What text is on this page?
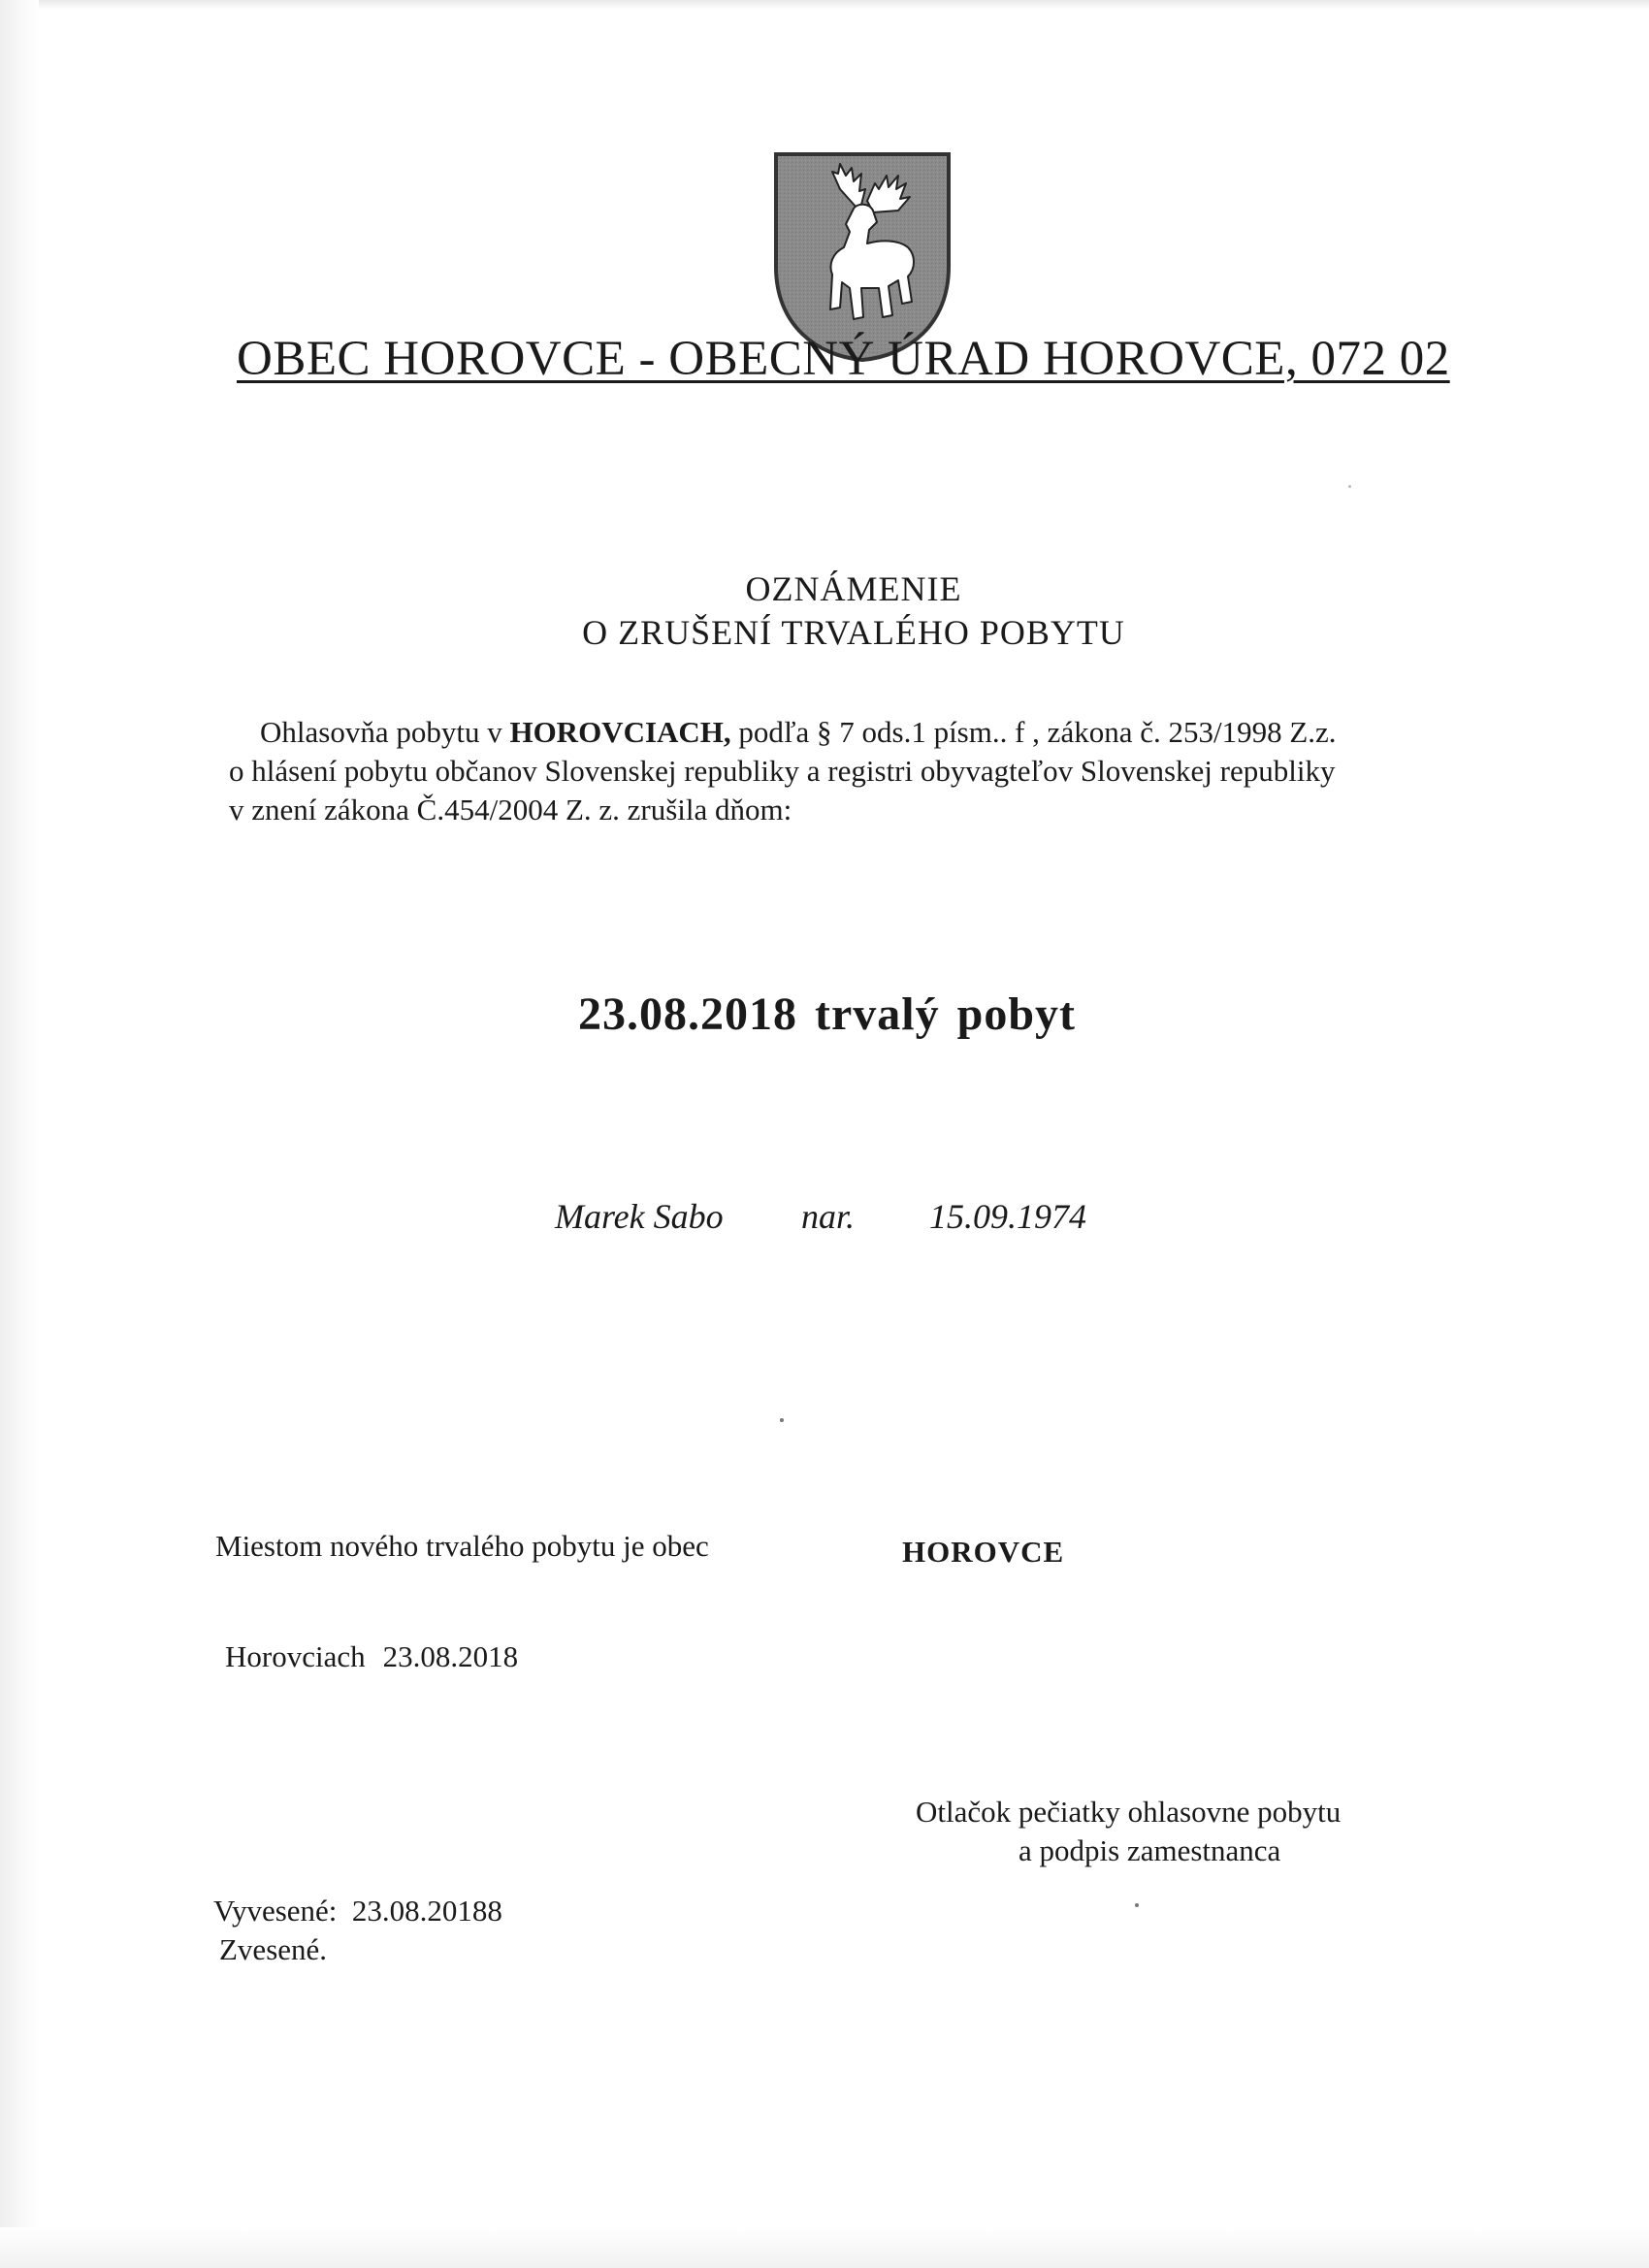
OBEC HOROVCE - OBECNÝ ÚRAD HOROVCE, 072 02
OZNÁMENIE
O ZRUŠENÍ TRVALÉHO POBYTU
Ohlasovňa pobytu v HOROVCIACH, podľa § 7 ods.1 písm.. f , zákona č. 253/1998 Z.z.
o hlásení pobytu občanov Slovenskej republiky a registri obyvagteľov Slovenskej republiky
v znení zákona Č.454/2004 Z. z. zrušila dňom:
23.08.2018 trvalý pobyt
Marek Sabo nar. 15.09.1974
Miestom nového trvalého pobytu je obec	HOROVCE
Horovciach 23.08.2018
Otlačok pečiatky ohlasovne pobytu
a podpis zamestnanca
Vyvesené:  23.08.20188
Zvesené.
